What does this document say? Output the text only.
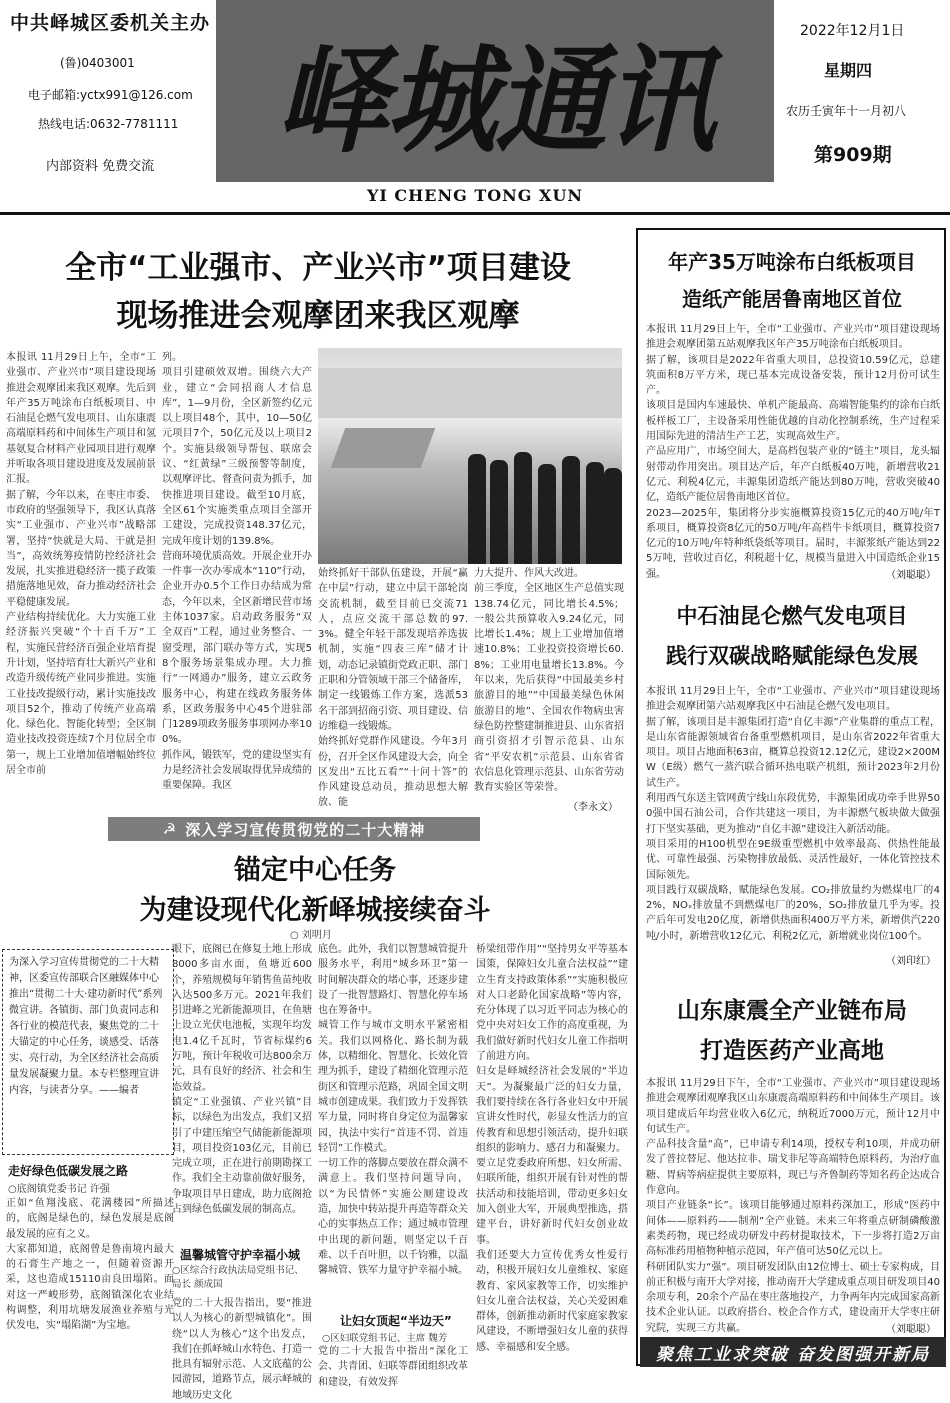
中共峄城区委机关主办
(鲁)0403001
电子邮箱:yctx991@126.com
热线电话:0632-7781111
内部资料 免费交流 峄城通讯
2022年12月1日
星期四
农历壬寅年十一月初八
第909期
YI CHENG TONG XUN
全市“工业强市、产业兴市”项目建设
现场推进会观摩团来我区观摩
本报讯 11月29日上午，全市“工业强市、产业兴市”项目建设现场推进会观摩团来我区观摩。先后到年产35万吨涂布白纸板项目、中石油昆仑燃气发电项目、山东康震高端原料药和中间体生产项目和氢基氨复合材料产业园项目进行观摩并听取各项目建设进度及发展前景汇报。
据了解，今年以来，在枣庄市委、市政府的坚强领导下，我区认真落实“工业强市、产业兴市”战略部署，坚持“快就是大局、干就是担当”，高效统筹疫情防控经济社会发展，扎实推进稳经济一揽子政策措施落地见效，奋力推动经济社会平稳健康发展。
产业结构持续优化。大力实施工业经济振兴突破“个十百千万”工程，实施民营经济百强企业培育提升计划，坚持培育壮大新兴产业和改造升级传统产业同步推进。实施工业技改提级行动，累计实施技改项目52个，推动了传统产业高端化、绿色化、智能化转型；全区制造业技改投资连续7个月位居全市第一，规上工业增加值增幅始终位居全市前
列。
项目引建硕效双增。围绕六大产业，建立“会同招商人才信息库”，1—9月份，全区新签约亿元以上项目48个，其中，10—50亿元项目7个，50亿元及以上项目2个。实施县级领导帮包、联席会议、“红黄绿”三级预警等制度，以观摩评比、督查问责为抓手，加快推进项目建设。截至10月底，全区61个实施类重点项目全部开工建设，完成投资148.37亿元，完成年度计划的139.8%。
营商环境优质高效。开展企业开办一件事一次办零成本“110”行动，企业开办0.5个工作日办结成为常态，今年以来，全区新增民营市场主体1037家。启动政务服务“双全双百”工程，通过业务整合、一窗受理，部门联办等方式，实现58个服务场景集成办理。大力推行“一网通办”服务，建立云政务服务中心，构建在线政务服务体系，区政务服务中心45个进驻部门1289项政务服务事项网办率100%。
抓作风，锻铁军，党的建设坚实有力是经济社会发展取得优异成绩的重要保障。我区
始终抓好干部队伍建设，开展“赢在中层”行动，建立中层干部轮岗交流机制，截至目前已交流71人，点应交流干部总数的97.3%。健全年轻干部发现培养选拔机制，实施“四表三库”储才计划，动态记录镇街党政正职、部门正职和分管领域干部三个储备库，制定一线锻炼工作方案，选派53名干部到招商引资、项目建设、信访维稳一线锻炼。
始终抓好党群作风建设。今年3月份，召开全区作风建设大会，向全区发出“五比五看”“十问十答”的作风建设总动员，推动思想大解放、能
力大提升、作风大改进。
前三季度，全区地区生产总值实现138.74亿元，同比增长4.5%；一般公共预算收入9.24亿元，同比增长1.4%；规上工业增加值增速10.8%；工业投资投资增长60.8%；工业用电量增长13.8%。今年以来，先后获得“中国最美乡村旅游目的地”“中国最美绿色休闲旅游目的地”、全国农作物病虫害绿色防控整建制推进县、山东省招商引资招才引智示范县、山东省“平安农机”示范县、山东省省农信息化管理示范县、山东省劳动教育实验区等荣誉。
（李永文）
☭ 深入学习宣传贯彻党的二十大精神
锚定中心任务
为建设现代化新峄城接续奋斗
○ 刘明月
为深入学习宣传贯彻党的二十大精神，区委宣传部联合区融媒体中心推出“贯彻二十大·建功新时代”系列微宣讲。各镇街、部门负责同志和各行业的模范代表，聚焦党的二十大锚定的中心任务，谈感受、话落实、亮行动，为全区经济社会高质量发展凝聚力量。本专栏整理宣讲内容，与读者分享。——编者
走好绿色低碳发展之路
○底阁镇党委书记 许强
正如“鱼翔浅底、花满楼园”所描述的，底阁是绿色的，绿色发展是底阁最发展的应有之义。
大家都知道，底阁曾是鲁南境内最大的石膏生产地之一，但随着资源开采，这也造成15110亩良田塌陷。面对这一严峻形势，底阁镇深化农业结构调整，利用坑塘发展渔业养殖与光伏发电，实“塌陷湖”为宝地。
眼下，底阁已在修复土地上形成8000多亩水面，鱼塘近600个，养殖规模每年销售鱼苗纯收入达500多万元。2021年我们引进峰之光新能源项目，在鱼塘上设立光伏电池板，实现年均发电1.4亿千瓦时，节省标煤约6万吨，预计年税收可达800余万元，具有良好的经济、社会和生态效益。
镇定“工业强镇、产业兴镇”目标，以绿色为出发点，我们又招引了中建压缩空气储能新能源项目，项目投资103亿元，目前已完成立项，正在进行前期勘探工作。我们全主动靠前做好服务，争取项目早日建成，助力底阁抢占到绿色低碳发展的制高点。
温馨城管守护幸福小城
○区综合行政执法局党组书记、局长 颜成国
党的二十大报告指出，要“推进以人为核心的新型城镇化”。围绕“以人为核心”这个出发点，我们在抓峄城山水特色、打造一批具有辐射示范、人文底蕴的公园游园，道路节点，展示峄城的地域历史文化
底色。此外，我们以智慧城管提升服务水平，利用“城乡环卫”第一时间解决群众的堵心事，还逐步建设了一批智慧路灯、智慧化停车场也在筹备中。
城管工作与城市文明水平紧密相关。我们以网格化、路长制为载体，以精细化、智慧化、长效化管理为抓手，建设了精细化管理示范街区和管理示范路，巩固全国文明城市创建成果。我们致力于发挥铁军力量，同时将自身定位为温馨家园，执法中实行“首违不罚、首违轻罚”工作模式。
一切工作的落脚点要放在群众满不满意上。我们坚持问题导向，以“为民情怀”实施公厕建设改造，加快中转站提升再造等群众关心的实事热点工作；通过城市管理中出现的新问题，则坚定以千百难、以千百叶胆，以千钧雅，以温馨城管、铁军力量守护幸福小城。
让妇女顶起“半边天”
○区妇联党组书记、主席 魏芳
党的二十大报告中指出“深化工会、共青团、妇联等群团组织改革和建设，有效发挥
桥梁纽带作用”“坚持男女平等基本国策，保障妇女儿童合法权益”“建立生育支持政策体系”“实施积极应对人口老龄化国家战略”等内容，充分体现了以习近平同志为核心的党中央对妇女工作的高度重视，为我们做好新时代妇女儿童工作指明了前进方向。
妇女是峄城经济社会发展的“半边天”。为凝聚最广泛的妇女力量，我们要持续在各行各业妇女中开展宣讲女性时代，彰显女性活力的宣传教育和思想引领活动，提升妇联组织的影响力、感召力和凝聚力。
要立足党委政府所想、妇女所需、妇联所能，组织开展有针对性的帮扶活动和技能培训，带动更多妇女加入创业大军，开展典型推选，搭建平台，讲好新时代妇女创业故事。
我们还要大力宣传优秀女性爱行动，积极开展妇女儿童维权、家庭教育、家风家教等工作，切实维护妇女儿童合法权益，关心关爱困难群体，创新推动新时代家庭家教家风建设，不断增强妇女儿童的获得感、幸福感和安全感。
年产35万吨涂布白纸板项目
造纸产能居鲁南地区首位
本报讯 11月29日上午，全市“工业强市、产业兴市”项目建设现场推进会观摩团第五站观摩我区年产35万吨涂布白纸板项目。
据了解，该项目是2022年省重大项目，总投资10.59亿元，总建筑面积8万平方米，现已基本完成设备安装，预计12月份可试生产。
该项目是国内车速最快、单机产能最高、高端智能集约的涂布白纸板样板工厂，主设备采用性能优越的自动化控制系统，生产过程采用国际先进的清洁生产工艺，实现高效生产。
产品应用广，市场空间大，是高档包装产业的“链主”项目，龙头辐射带动作用突出。项目达产后，年产白纸板40万吨，新增营收21亿元、利税4亿元，丰源集团造纸产能达到80万吨，营收突破40亿，造纸产能位居鲁南地区首位。
2023—2025年，集团将分步实施概算投资15亿元的40万吨/年T系项目，概算投资8亿元的50万吨/年高档牛卡纸项目，概算投资7亿元的10万吨/年特种纸袋纸等项目。届时，丰源浆纸产能达到225万吨，营收过百亿，利税超十亿，规模当量进入中国造纸企业15强。	（刘聪聪）
中石油昆仑燃气发电项目
践行双碳战略赋能绿色发展
本报讯 11月29日上午，全市“工业强市、产业兴市”项目建设现场推进会观摩团第六站观摩我区中石油昆仑燃气发电项目。
据了解，该项目是丰源集团打造“自亿丰源”产业集群的重点工程，是山东省能源领域省台备重型燃机项目，是山东省2022年省重大项目。项目占地面积63亩，概算总投资12.12亿元，建设2×200MW（E级）燃气一蒸汽联合循环热电联产机组，预计2023年2月份试生产。
利用西气东送主管网黄宁线山东段优势，丰源集团成功牵手世界500强中国石油公司，合作共建这一项目，为丰源燃气板块做大做强打下坚实基础，更为推动“自亿丰源”建设注入新活动能。
项目采用的H100机型在9E级重型燃机中效率最高、供热性能最优、可靠性最强、污染物排放最低、灵活性最好，一体化管控技术国际领先。
项目践行双碳战略，赋能绿色发展。CO₂排放量约为燃煤电厂的42%，NOₓ排放量不到燃煤电厂的20%，SO₂排放量几乎为零。投产后年可发电20亿度，新增供热面积400万平方米，新增供汽220吨/小时，新增营收12亿元、利税2亿元，新增就业岗位100个。
（刘印红）
山东康震全产业链布局
打造医药产业高地
本报讯 11月29日下午，全市“工业强市、产业兴市”项目建设现场推进会观摩团观摩我区山东康震高端原料药和中间体生产项目。该项目建成后年均营业收入6亿元，纳税近7000万元，预计12月中旬试生产。
产品科技含量“高”，已申请专利14项，授权专利10项，并成功研发了普拉替尼、他达拉非、瑞戈非尼等高端特色原料药，为治疗血糖、胃病等病症提供主要原料，现已与齐鲁制药等知名药企达成合作意向。
项目产业链条“长”。该项目能够通过原料药深加工，形成“医药中间体——原料药——制剂”全产业链。未来三年将重点研制磷酸激素类药物，现已经成功研发中药材提取技术，下一步将打造2万亩高标准药用植物种植示范园，年产值可达50亿元以上。
科研团队实力“强”。项目研发团队由12位博士、硕士专家构成，目前正积极与南开大学对接，推动南开大学建成重点项目研发项目40余项专利，20余个产品在枣庄落地投产，力争两年内完成国家高新技术企业认证。以政府搭台、校企合作方式，建设南开大学枣庄研究院，实现三方共赢。	（刘聪聪）
聚焦工业求突破 奋发图强开新局
